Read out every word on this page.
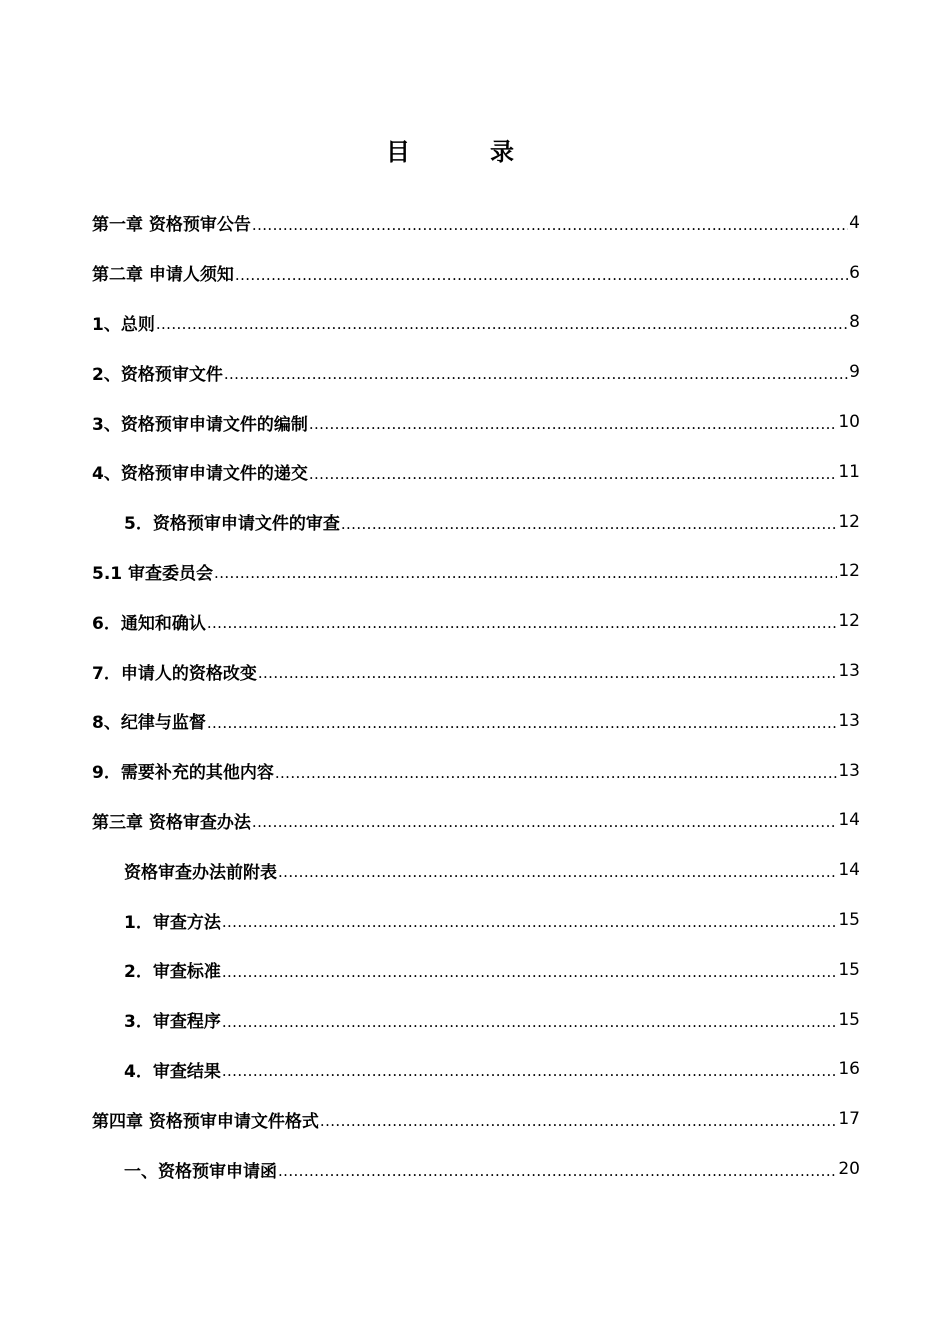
目　录
第一章 资格预审公告 .....	4
第二章 申请人须知 .....	6
1、总则 .....	8
2、资格预审文件 .....	9
3、资格预审申请文件的编制 .....	10
4、资格预审申请文件的递交 .....	11
5．资格预审申请文件的审查 .....	12
5.1 审查委员会 .....	12
6．通知和确认 .....	12
7．申请人的资格改变 .....	13
8、纪律与监督 .....	13
9．需要补充的其他内容 .....	13
第三章 资格审查办法 .....	14
资格审查办法前附表 .....	14
1．审查方法 .....	15
2．审查标准 .....	15
3．审查程序 .....	15
4．审查结果 .....	16
第四章 资格预审申请文件格式 .....	17
一、资格预审申请函 .....	20
